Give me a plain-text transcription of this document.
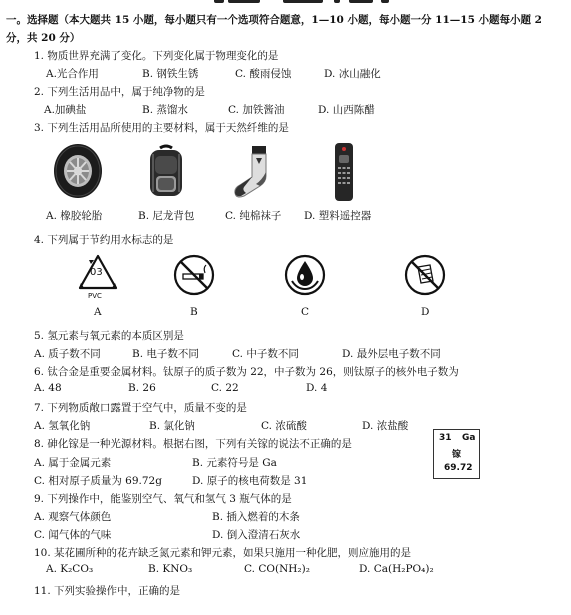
一。选择题（本大题共 15 小题，每小题只有一个选项符合题意，1—10 小题，每小题一分 11—15 小题每小题 2
分，共 20 分）
1. 物质世界充满了变化。下列变化属于物理变化的是
A.光合作用	B. 钢铁生锈	C. 酸雨侵蚀	D. 冰山融化
2. 下列生活用品中，属于纯净物的是
A.加碘盐	B. 蒸馏水	C. 加铁酱油	D. 山西陈醋
3. 下列生活用品所使用的主要材料，属于天然纤维的是
A. 橡胶轮胎	B. 尼龙背包	C. 纯棉袜子 D. 塑料遥控器
4. 下列属于节约用水标志的是
03
PVC
A	B	C	D
5. 氢元素与氧元素的本质区别是
A. 质子数不同	B. 电子数不同	C. 中子数不同	D. 最外层电子数不同
6. 钛合金是重要金属材料。钛原子的质子数为 22，中子数为 26，则钛原子的核外电子数为
A. 48	B. 26	C. 22	D. 4
7. 下列物质敞口露置于空气中，质量不变的是
A. 氢氧化钠	B. 氯化钠	C. 浓硫酸	D. 浓盐酸
8. 砷化镓是一种光源材料。根据右图，下列有关镓的说法不正确的是
A. 属于金属元素	B. 元素符号是 Ga
C. 相对原子质量为 69.72g	D. 原子的核电荷数是 31
31 Ga
镓
69.72
9. 下列操作中，能鉴别空气、氧气和氢气 3 瓶气体的是
A. 观察气体颜色	B. 插入燃着的木条
C. 闻气体的气味	D. 倒入澄清石灰水
10. 某花圃所种的花卉缺乏氮元素和钾元素，如果只施用一种化肥，则应施用的是
A. K₂CO₃	B. KNO₃	C. CO(NH₂)₂	D. Ca(H₂PO₄)₂
11. 下列实验操作中，正确的是
